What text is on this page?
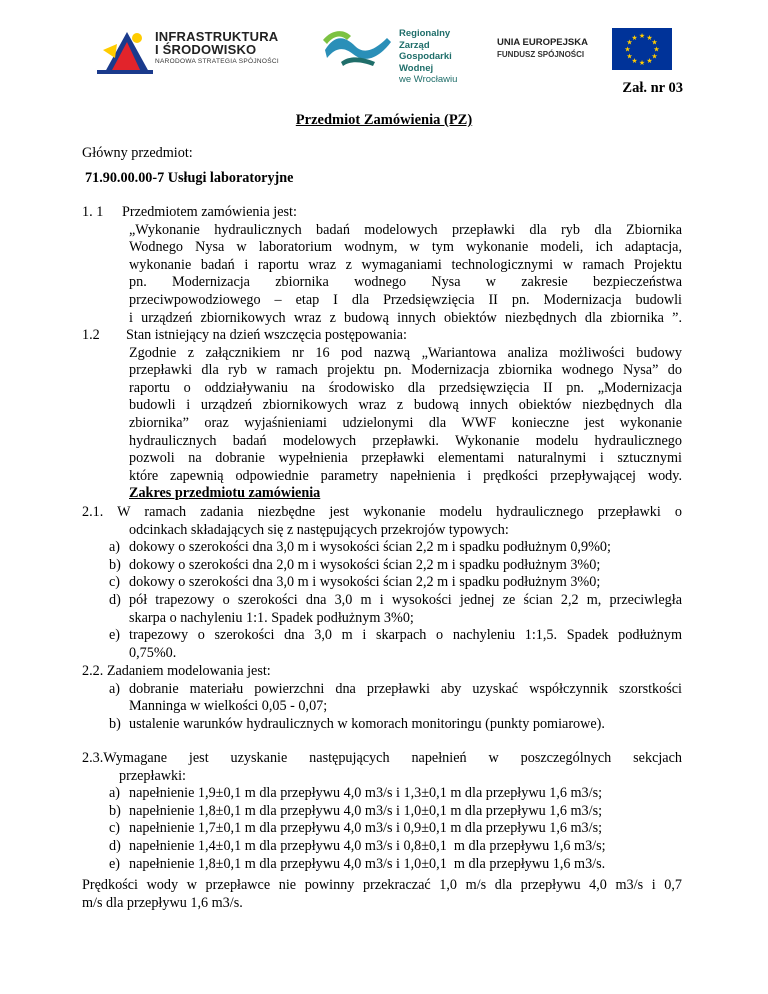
INFRASTRUKTURA
I ŚRODOWISKO
NARODOWA STRATEGIA SPÓJNOŚCI
Regionalny Zarząd
Gospodarki Wodnej
we Wrocławiu
UNIA EUROPEJSKA
FUNDUSZ SPÓJNOŚCI
★ ★
★
★
★
★
★
★
★
★
★
★
Zał. nr 03
Przedmiot Zamówienia (PZ)
Główny przedmiot:
71.90.00.00-7 Usługi laboratoryjne
1. 1 Przedmiotem zamówienia jest:
„Wykonanie hydraulicznych badań modelowych przepławki dla ryb dla Zbiornika
Wodnego Nysa w laboratorium wodnym, w tym wykonanie modeli, ich adaptacja,
wykonanie badań i raportu wraz z wymaganiami technologicznymi w ramach Projektu
pn. Modernizacja zbiornika wodnego Nysa w zakresie bezpieczeństwa
przeciwpowodziowego – etap I dla Przedsięwzięcia II pn. Modernizacja budowli
i urządzeń zbiornikowych wraz z budową innych obiektów niezbędnych dla zbiornika ”.
1.2 Stan istniejący na dzień wszczęcia postępowania:
Zgodnie z załącznikiem nr 16 pod nazwą „Wariantowa analiza możliwości budowy
przepławki dla ryb w ramach projektu pn. Modernizacja zbiornika wodnego Nysa” do
raportu o oddziaływaniu na środowisko dla przedsięwzięcia II pn. „Modernizacja
budowli i urządzeń zbiornikowych wraz z budową innych obiektów niezbędnych dla
zbiornika” oraz wyjaśnieniami udzielonymi dla WWF konieczne jest wykonanie
hydraulicznych badań modelowych przepławki. Wykonanie modelu hydraulicznego
pozwoli na dobranie wypełnienia przepławki elementami naturalnymi i sztucznymi
które zapewnią odpowiednie parametry napełnienia i prędkości przepływającej wody.
Zakres przedmiotu zamówienia
2.1. W ramach zadania niezbędne jest wykonanie modelu hydraulicznego przepławki o
odcinkach składających się z następujących przekrojów typowych:
a) dokowy o szerokości dna 3,0 m i wysokości ścian 2,2 m i spadku podłużnym 0,9%0;
b) dokowy o szerokości dna 2,0 m i wysokości ścian 2,2 m i spadku podłużnym 3%0;
c) dokowy o szerokości dna 3,0 m i wysokości ścian 2,2 m i spadku podłużnym 3%0;
d) pół trapezowy o szerokości dna 3,0 m i wysokości jednej ze ścian 2,2 m, przeciwległa
skarpa o nachyleniu 1:1. Spadek podłużnym 3%0;
e) trapezowy o szerokości dna 3,0 m i skarpach o nachyleniu 1:1,5. Spadek podłużnym
0,75%0.
2.2. Zadaniem modelowania jest:
a) dobranie materiału powierzchni dna przepławki aby uzyskać współczynnik szorstkości
Manninga w wielkości 0,05 - 0,07;
b) ustalenie warunków hydraulicznych w komorach monitoringu (punkty pomiarowe).
2.3.Wymagane jest uzyskanie następujących napełnień w poszczególnych sekcjach
przepławki:
a) napełnienie 1,9±0,1 m dla przepływu 4,0 m3/s i 1,3±0,1 m dla przepływu 1,6 m3/s;
b) napełnienie 1,8±0,1 m dla przepływu 4,0 m3/s i 1,0±0,1 m dla przepływu 1,6 m3/s;
c) napełnienie 1,7±0,1 m dla przepływu 4,0 m3/s i 0,9±0,1 m dla przepływu 1,6 m3/s;
d) napełnienie 1,4±0,1 m dla przepływu 4,0 m3/s i 0,8±0,1  m dla przepływu 1,6 m3/s;
e) napełnienie 1,8±0,1 m dla przepływu 4,0 m3/s i 1,0±0,1  m dla przepływu 1,6 m3/s.
Prędkości wody w przepławce nie powinny przekraczać 1,0 m/s dla przepływu 4,0 m3/s i 0,7
m/s dla przepływu 1,6 m3/s.
